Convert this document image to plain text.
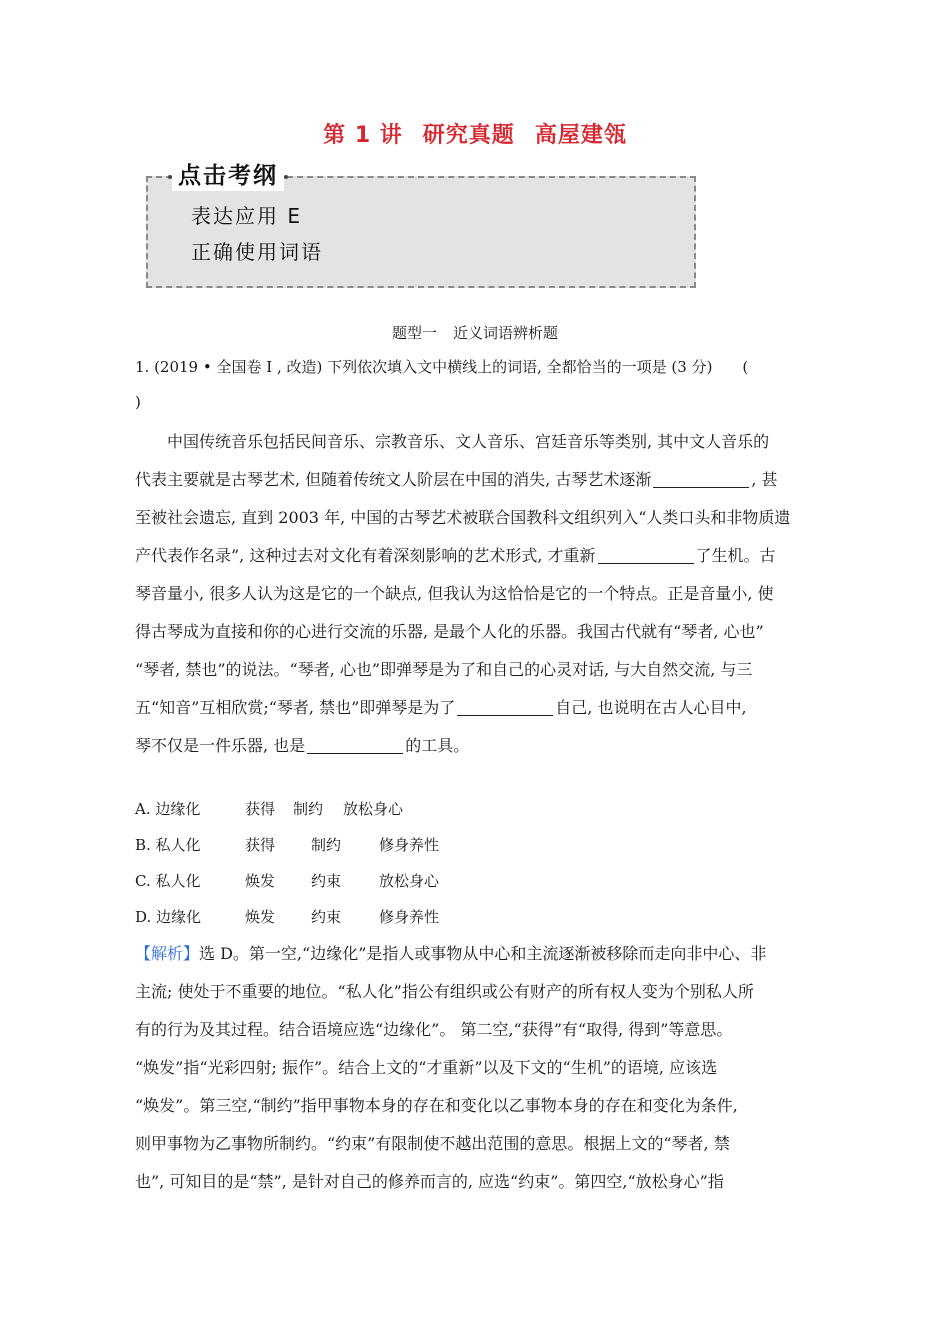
第 1 讲 研究真题 高屋建瓴
点击考纲
表达应用 E
正确使用词语
题型一 近义词语辨析题
1. (2019 • 全国卷 I , 改造) 下列依次填入文中横线上的词语, 全都恰当的一项是 (3 分)　　(
)
中国传统音乐包括民间音乐、宗教音乐、文人音乐、宫廷音乐等类别, 其中文人音乐的
代表主要就是古琴艺术, 但随着传统文人阶层在中国的消失, 古琴艺术逐渐	, 甚
至被社会遗忘, 直到 2003 年, 中国的古琴艺术被联合国教科文组织列入“人类口头和非物质遗
产代表作名录”, 这种过去对文化有着深刻影响的艺术形式, 才重新	了生机。古
琴音量小, 很多人认为这是它的一个缺点, 但我认为这恰恰是它的一个特点。正是音量小, 使
得古琴成为直接和你的心进行交流的乐器, 是最个人化的乐器。我国古代就有“琴者, 心也”
“琴者, 禁也”的说法。“琴者, 心也”即弹琴是为了和自己的心灵对话, 与大自然交流, 与三
五“知音”互相欣赏;“琴者, 禁也”即弹琴是为了	自己, 也说明在古人心目中,
琴不仅是一件乐器, 也是	的工具。
A. 边缘化	获得 制约 放松身心
B. 私人化	获得 制约	修身养性
C. 私人化	焕发 约束	放松身心
D. 边缘化	焕发 约束	修身养性
【解析】选 D。第一空,“边缘化”是指人或事物从中心和主流逐渐被移除而走向非中心、非
主流; 使处于不重要的地位。“私人化”指公有组织或公有财产的所有权人变为个别私人所
有的行为及其过程。结合语境应选“边缘化”。 第二空,“获得”有“取得, 得到”等意思。
“焕发”指“光彩四射; 振作”。结合上文的“才重新”以及下文的“生机”的语境, 应该选
“焕发”。第三空,“制约”指甲事物本身的存在和变化以乙事物本身的存在和变化为条件,
则甲事物为乙事物所制约。“约束”有限制使不越出范围的意思。根据上文的“琴者, 禁
也”, 可知目的是“禁”, 是针对自己的修养而言的, 应选“约束”。第四空,“放松身心”指
